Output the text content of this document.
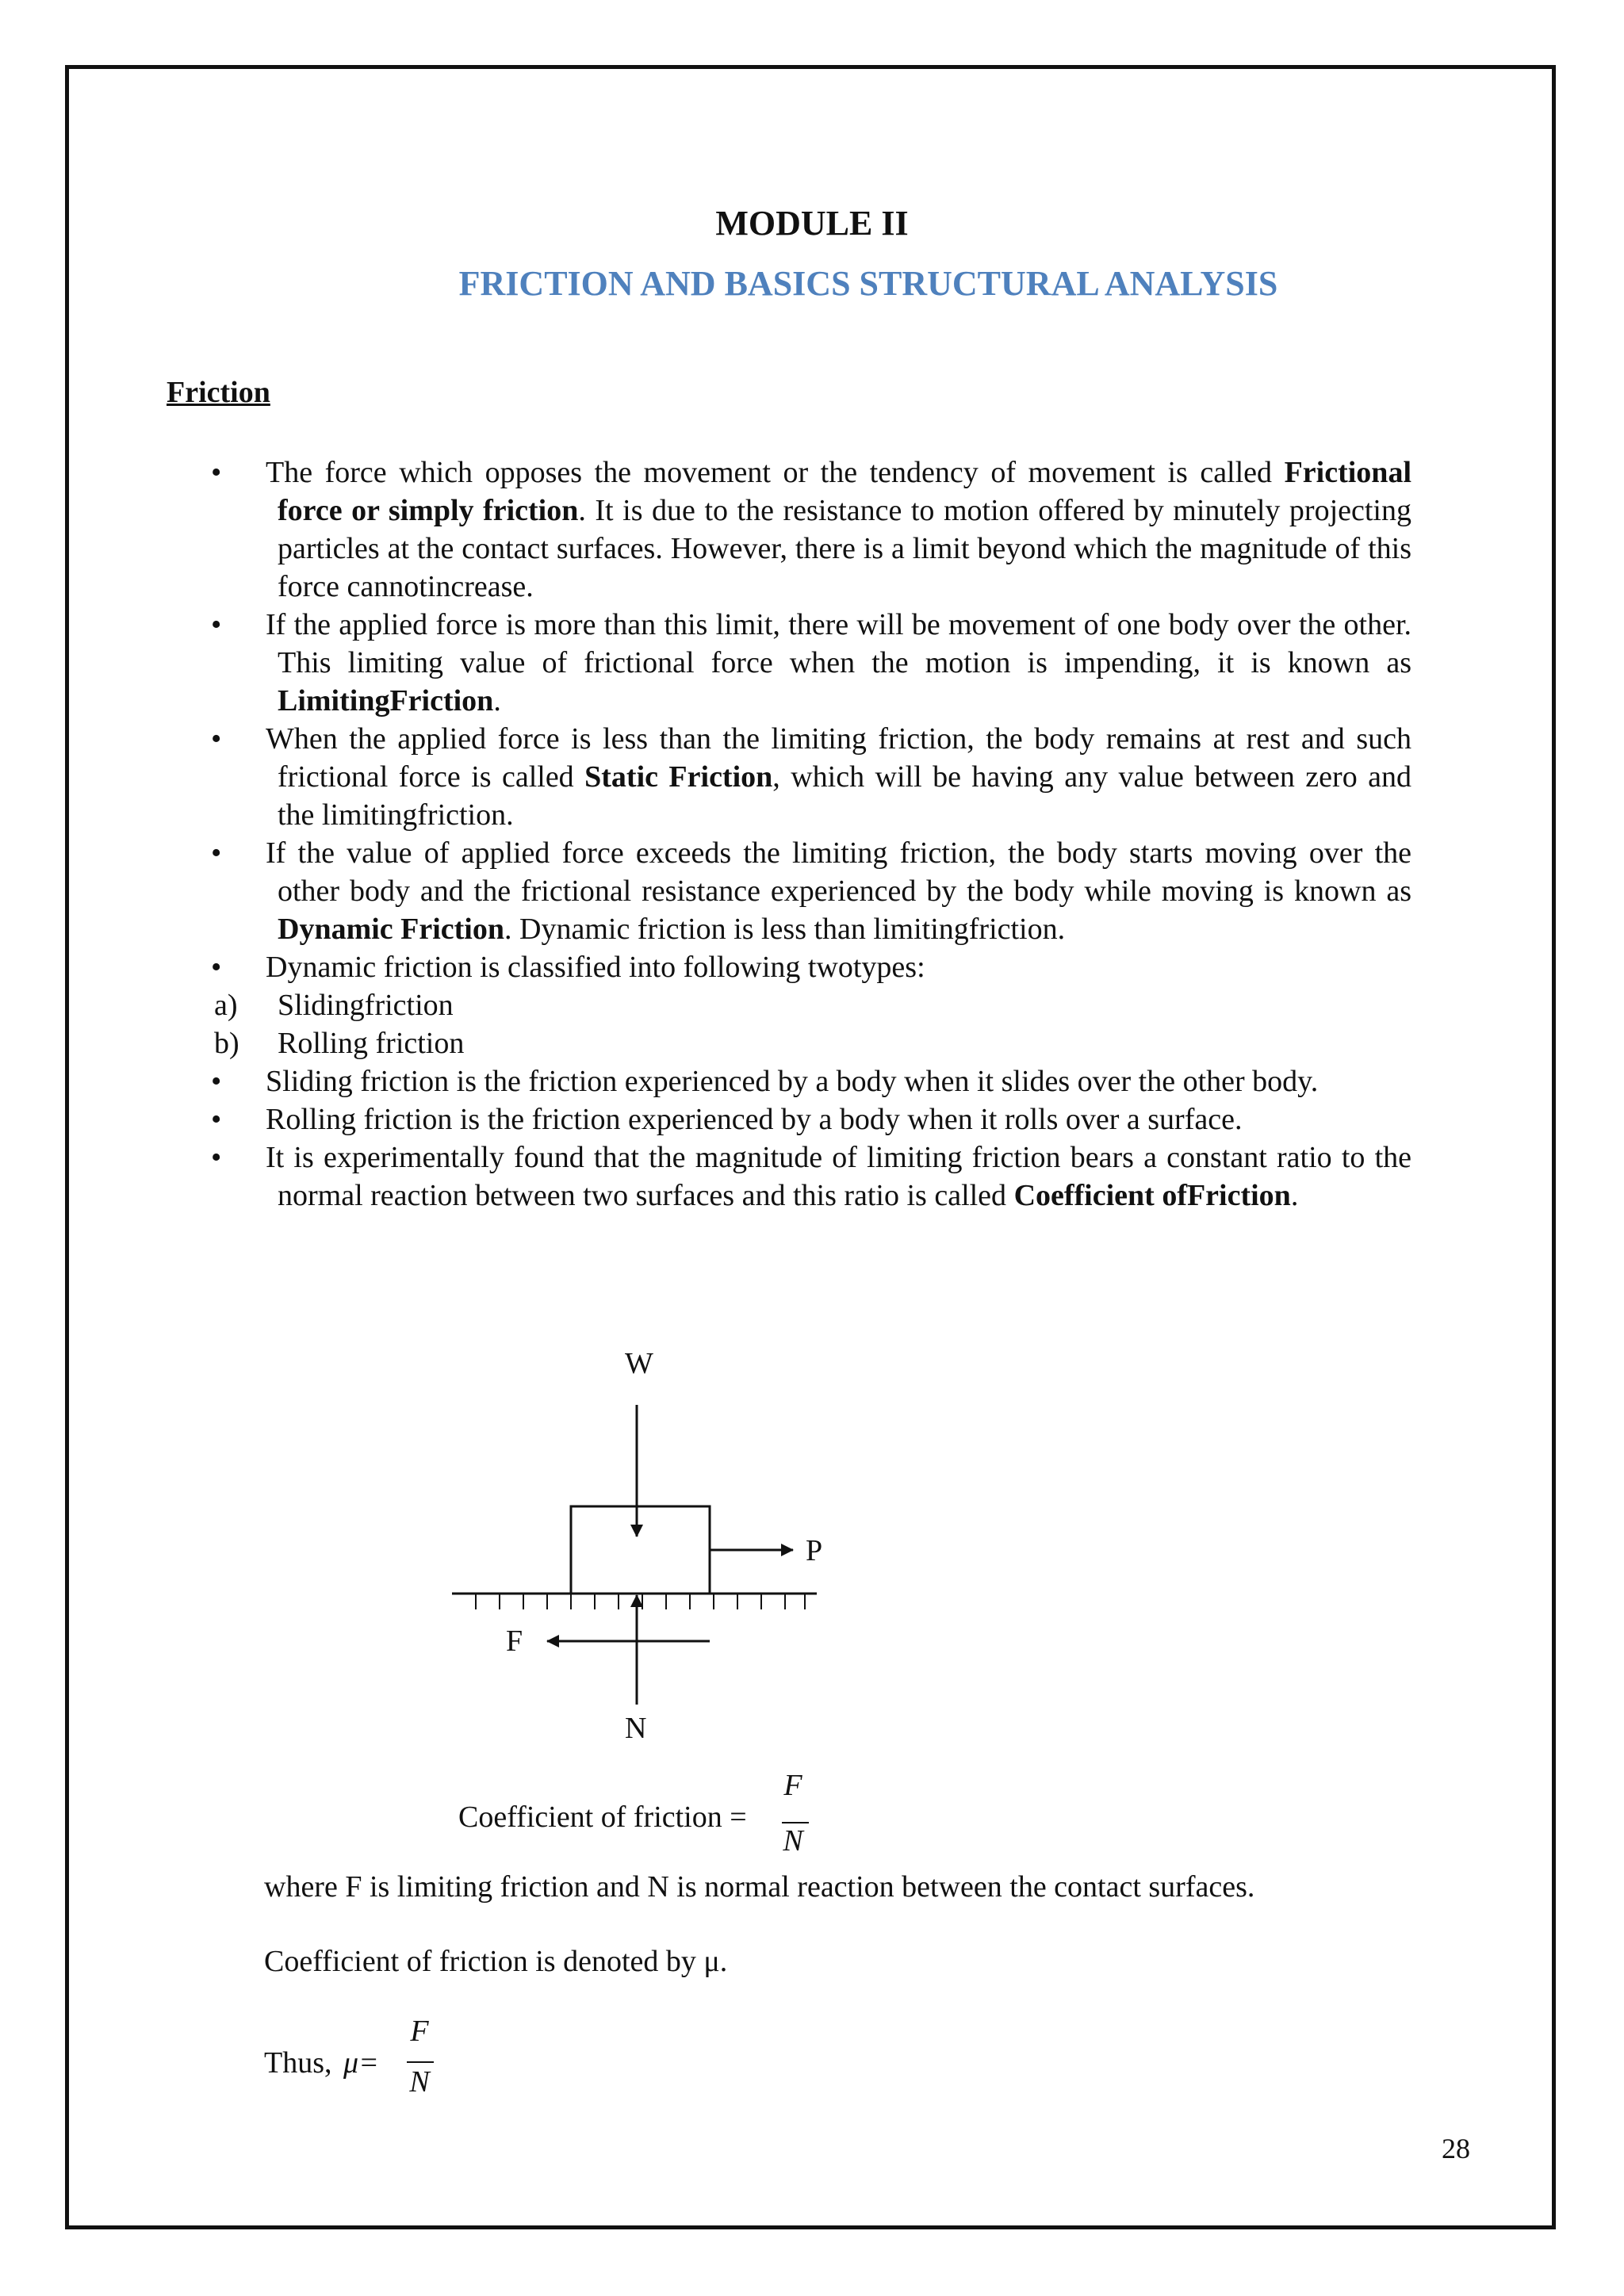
MODULE II
FRICTION AND BASICS STRUCTURAL ANALYSIS
Friction
• The force which opposes the movement or the tendency of movement is called Frictional force or simply friction. It is due to the resistance to motion offered by minutely projecting particles at the contact surfaces. However, there is a limit beyond which the magnitude of this force cannotincrease.
• If the applied force is more than this limit, there will be movement of one body over the other. This limiting value of frictional force when the motion is impending, it is known as LimitingFriction.
• When the applied force is less than the limiting friction, the body remains at rest and such frictional force is called Static Friction, which will be having any value between zero and the limitingfriction.
• If the value of applied force exceeds the limiting friction, the body starts moving over the other body and the frictional resistance experienced by the body while moving is known as Dynamic Friction. Dynamic friction is less than limitingfriction.
• Dynamic friction is classified into following twotypes:
a) Slidingfriction
b) Rolling friction
• Sliding friction is the friction experienced by a body when it slides over the other body.
• Rolling friction is the friction experienced by a body when it rolls over a surface.
• It is experimentally found that the magnitude of limiting friction bears a constant ratio to the normal reaction between two surfaces and this ratio is called Coefficient ofFriction.
W
P
F
N
Coefficient of friction =
F
N
where F is limiting friction and N is normal reaction between the contact surfaces.
Coefficient of friction is denoted by μ.
Thus, μ=
F
N
28
